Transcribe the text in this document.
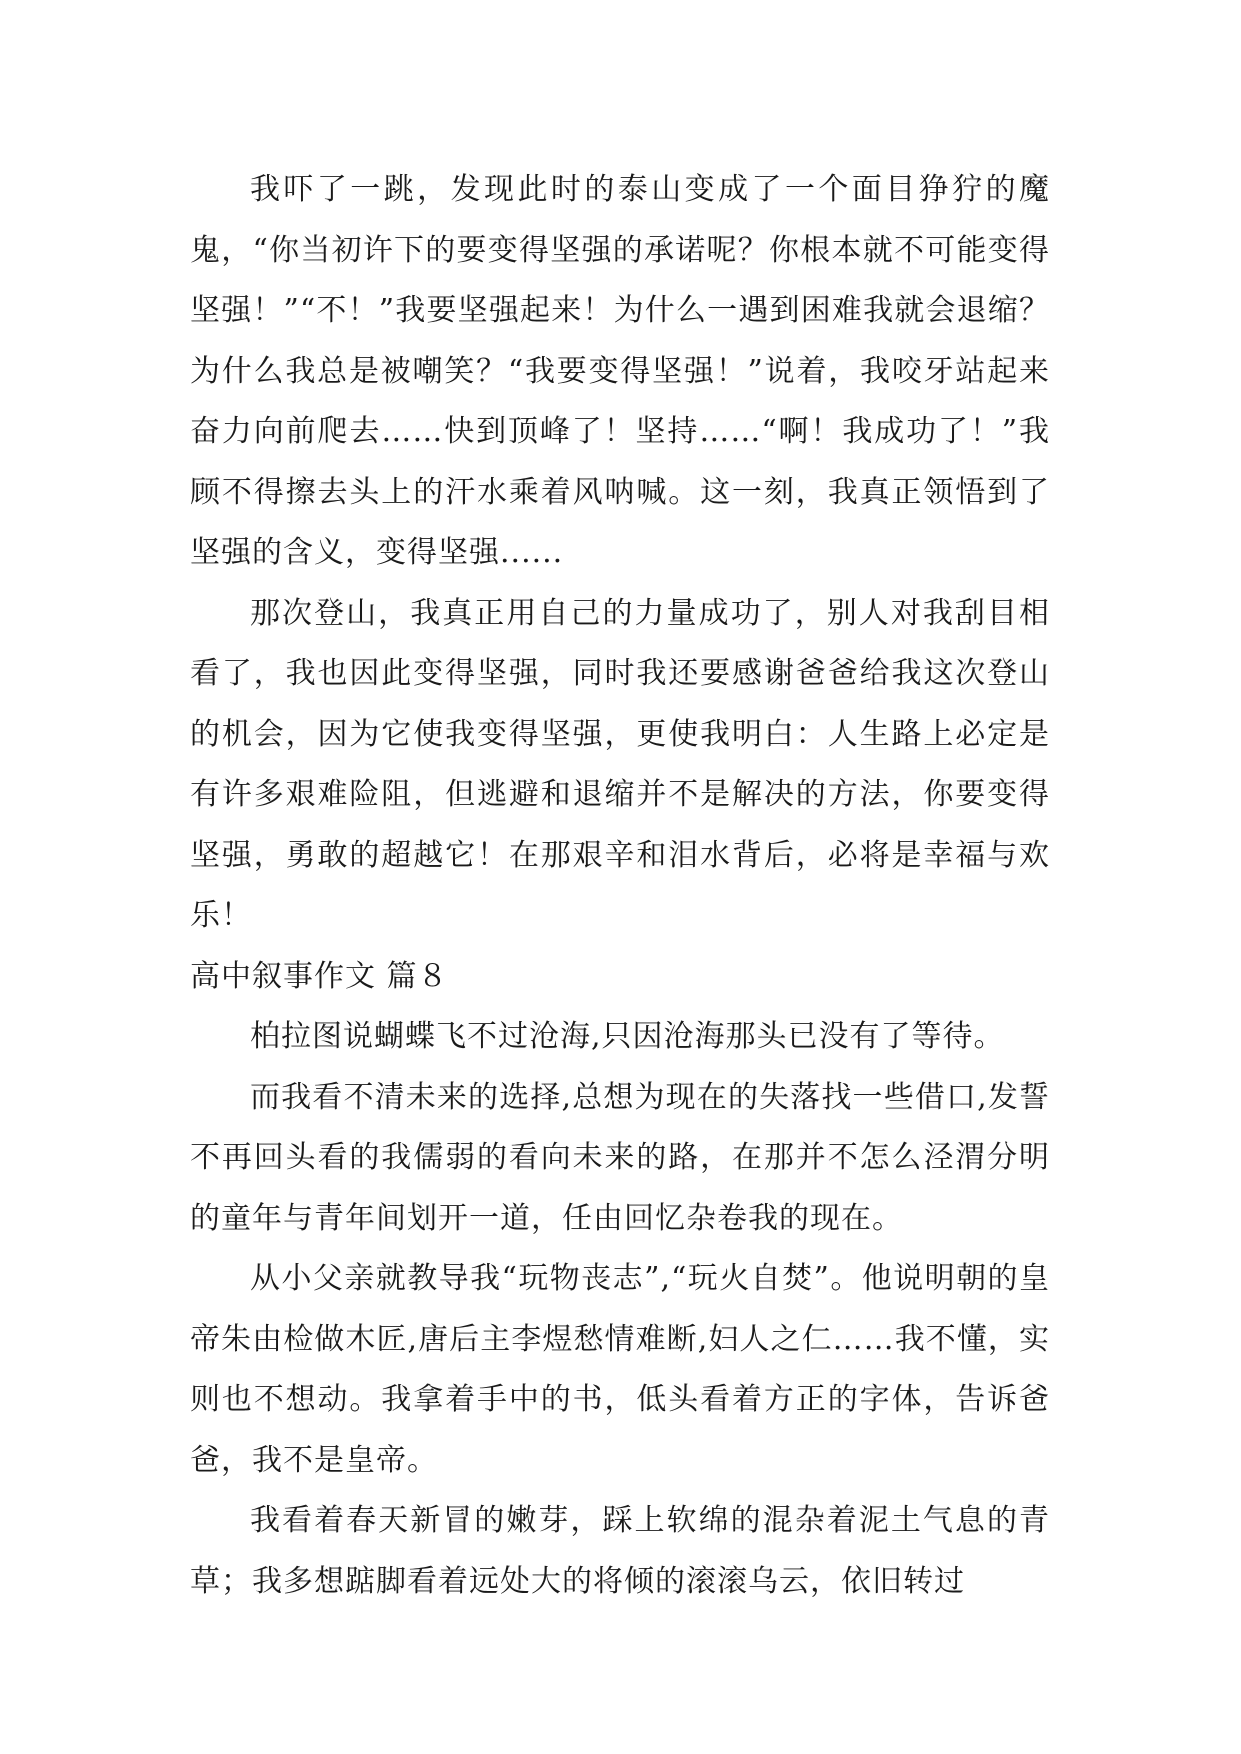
我吓了一跳，发现此时的泰山变成了一个面目狰狞的魔鬼，“你当初许下的要变得坚强的承诺呢？你根本就不可能变得坚强！”“不！”我要坚强起来！为什么一遇到困难我就会退缩？为什么我总是被嘲笑？“我要变得坚强！”说着，我咬牙站起来奋力向前爬去……快到顶峰了！坚持……“啊！我成功了！”我顾不得擦去头上的汗水乘着风呐喊。这一刻，我真正领悟到了坚强的含义，变得坚强......

那次登山，我真正用自己的力量成功了，别人对我刮目相看了，我也因此变得坚强，同时我还要感谢爸爸给我这次登山的机会，因为它使我变得坚强，更使我明白：人生路上必定是有许多艰难险阻，但逃避和退缩并不是解决的方法，你要变得坚强，勇敢的超越它！在那艰辛和泪水背后，必将是幸福与欢乐！

高中叙事作文 篇８

柏拉图说蝴蝶飞不过沧海,只因沧海那头已没有了等待。

而我看不清未来的选择,总想为现在的失落找一些借口,发誓不再回头看的我儒弱的看向未来的路，在那并不怎么泾渭分明的童年与青年间划开一道，任由回忆杂卷我的现在。

从小父亲就教导我“玩物丧志”,“玩火自焚”。他说明朝的皇帝朱由检做木匠,唐后主李煜愁情难断,妇人之仁……我不懂，实则也不想动。我拿着手中的书，低头看着方正的字体，告诉爸爸，我不是皇帝。

我看着春天新冒的嫩芽，踩上软绵的混杂着泥土气息的青草；我多想踮脚看着远处大的将倾的滚滚乌云，依旧转过
